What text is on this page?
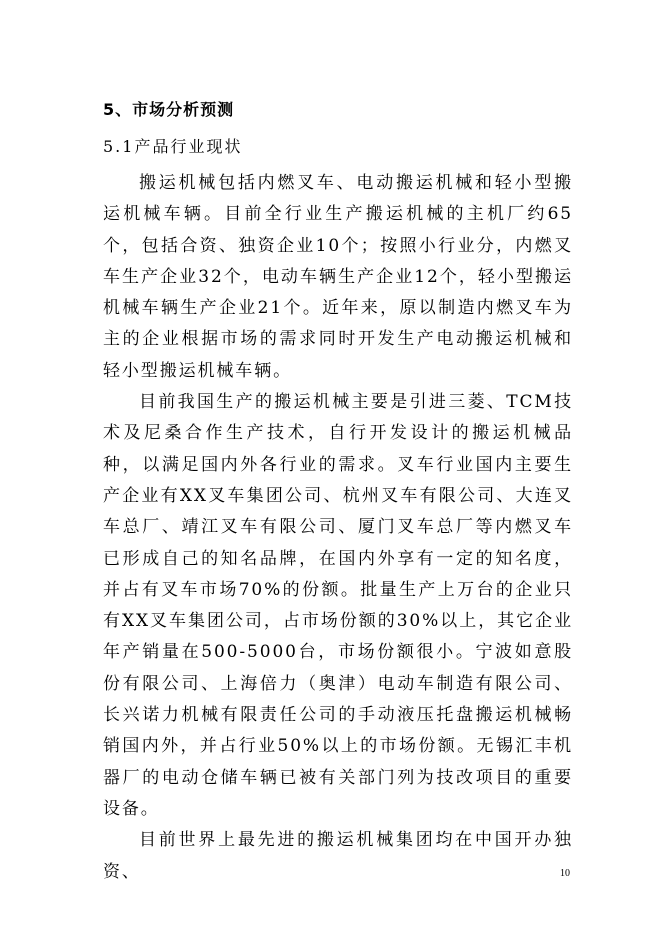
5、市场分析预测
5.1产品行业现状

搬运机械包括内燃叉车、电动搬运机械和轻小型搬运机械车辆。目前全行业生产搬运机械的主机厂约65个，包括合资、独资企业10个；按照小行业分，内燃叉车生产企业32个，电动车辆生产企业12个，轻小型搬运机械车辆生产企业21个。近年来，原以制造内燃叉车为主的企业根据市场的需求同时开发生产电动搬运机械和轻小型搬运机械车辆。

目前我国生产的搬运机械主要是引进三菱、TCM技术及尼桑合作生产技术，自行开发设计的搬运机械品种，以满足国内外各行业的需求。叉车行业国内主要生产企业有XX叉车集团公司、杭州叉车有限公司、大连叉车总厂、靖江叉车有限公司、厦门叉车总厂等内燃叉车已形成自己的知名品牌，在国内外享有一定的知名度，并占有叉车市场70%的份额。批量生产上万台的企业只有XX叉车集团公司，占市场份额的30%以上，其它企业年产销量在500-5000台，市场份额很小。宁波如意股份有限公司、上海倍力（奥津）电动车制造有限公司、长兴诺力机械有限责任公司的手动液压托盘搬运机械畅销国内外，并占行业50%以上的市场份额。无锡汇丰机器厂的电动仓储车辆已被有关部门列为技改项目的重要设备。

目前世界上最先进的搬运机械集团均在中国开办独资、	10
